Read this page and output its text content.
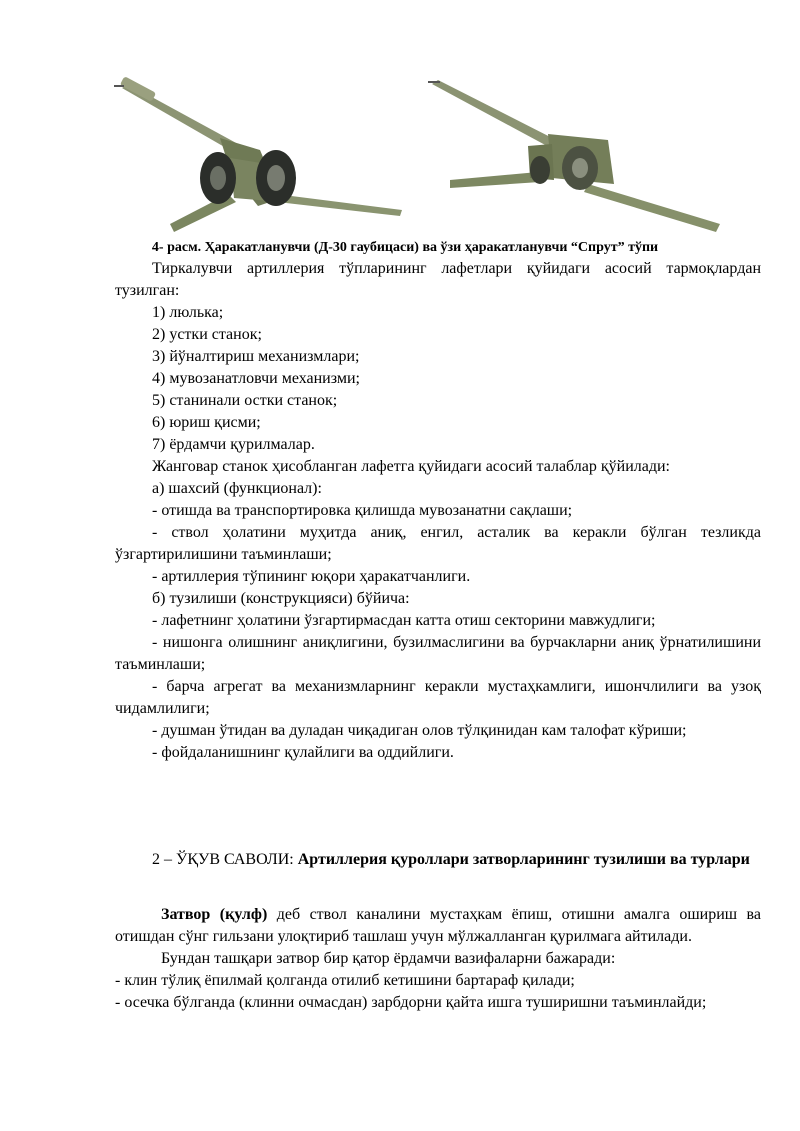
4- расм. Ҳаракатланувчи (Д-30 гаубицаси) ва ўзи ҳаракатланувчи “Спрут” тўпи

Тиркалувчи артиллерия тўпларининг лафетлари қуйидаги асосий тармоқлардан тузилган:

1) люлька;

2) устки станок;

3) йўналтириш механизмлари;

4) мувозанатловчи механизми;

5) станинали остки станок;

6) юриш қисми;

7) ёрдамчи қурилмалар.

Жанговар станок ҳисобланган лафетга қуйидаги асосий талаблар қўйилади:

а) шахсий (функционал):

- отишда ва транспортировка қилишда мувозанатни сақлаши;

- ствол ҳолатини муҳитда аниқ, енгил, асталик ва керакли бўлган тезликда ўзгартирилишини таъминлаши;

- артиллерия тўпининг юқори ҳаракатчанлиги.

б) тузилиши (конструкцияси) бўйича:

- лафетнинг ҳолатини ўзгартирмасдан катта отиш секторини мавжудлиги;

- нишонга олишнинг аниқлигини, бузилмаслигини ва бурчакларни аниқ ўрнатилишини таъминлаши;

- барча агрегат ва механизмларнинг керакли мустаҳкамлиги, ишончлилиги ва узоқ чидамлилиги;

- душман ўтидан ва дуладан чиқадиган олов тўлқинидан кам талофат кўриши;

- фойдаланишнинг қулайлиги ва оддийлиги.

2 – ЎҚУВ САВОЛИ: Артиллерия қуроллари затворларининг тузилиши ва турлари

Затвор (қулф) деб ствол каналини мустаҳкам ёпиш, отишни амалга ошириш ва отишдан сўнг гильзани улоқтириб ташлаш учун мўлжалланган қурилмага айтилади.

Бундан ташқари затвор бир қатор ёрдамчи вазифаларни бажаради:

- клин тўлиқ ёпилмай қолганда отилиб кетишини бартараф қилади;

- осечка бўлганда (клинни очмасдан) зарбдорни қайта ишга туширишни таъминлайди;
